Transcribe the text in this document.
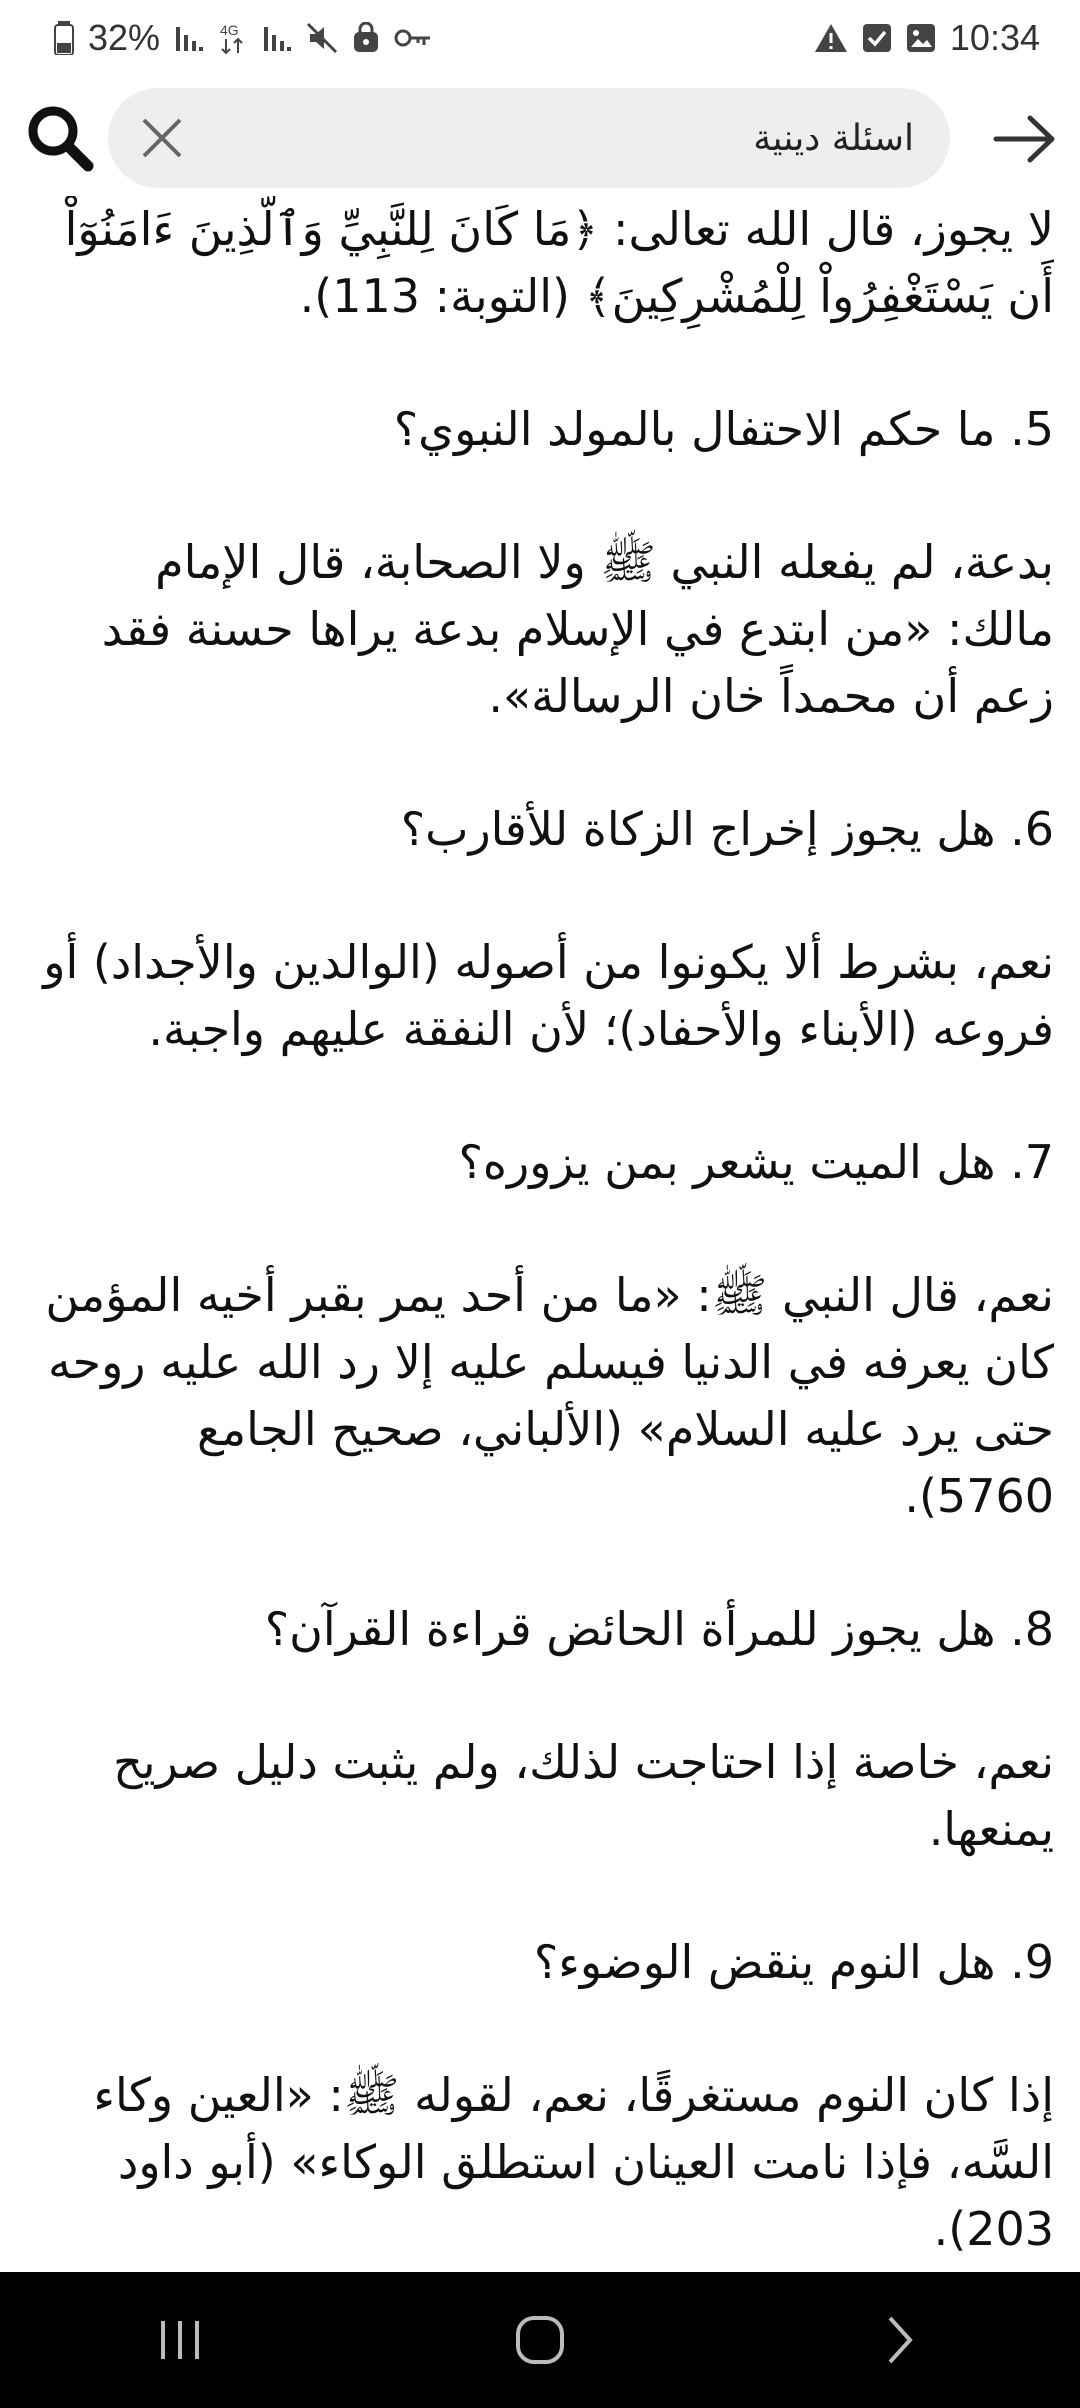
32%	4G	10:34
اسئلة دينية

لا يجوز، قال الله تعالى: ﴿مَا كَانَ لِلنَّبِيِّ وَٱلَّذِينَ ءَامَنُوٓاْ أَن يَسْتَغْفِرُواْ لِلْمُشْرِكِينَ﴾ (التوبة: 113).

5. ما حكم الاحتفال بالمولد النبوي؟

بدعة، لم يفعله النبي ﷺ ولا الصحابة، قال الإمام مالك: «من ابتدع في الإسلام بدعة يراها حسنة فقد زعم أن محمداً خان الرسالة».

6. هل يجوز إخراج الزكاة للأقارب؟

نعم، بشرط ألا يكونوا من أصوله (الوالدين والأجداد) أو فروعه (الأبناء والأحفاد)؛ لأن النفقة عليهم واجبة.

7. هل الميت يشعر بمن يزوره؟

نعم، قال النبي ﷺ: «ما من أحد يمر بقبر أخيه المؤمن كان يعرفه في الدنيا فيسلم عليه إلا رد الله عليه روحه حتى يرد عليه السلام» (الألباني، صحيح الجامع 5760).

8. هل يجوز للمرأة الحائض قراءة القرآن؟

نعم، خاصة إذا احتاجت لذلك، ولم يثبت دليل صريح يمنعها.

9. هل النوم ينقض الوضوء؟

إذا كان النوم مستغرقًا، نعم، لقوله ﷺ: «العين وكاء السَّه، فإذا نامت العينان استطلق الوكاء» (أبو داود 203).
